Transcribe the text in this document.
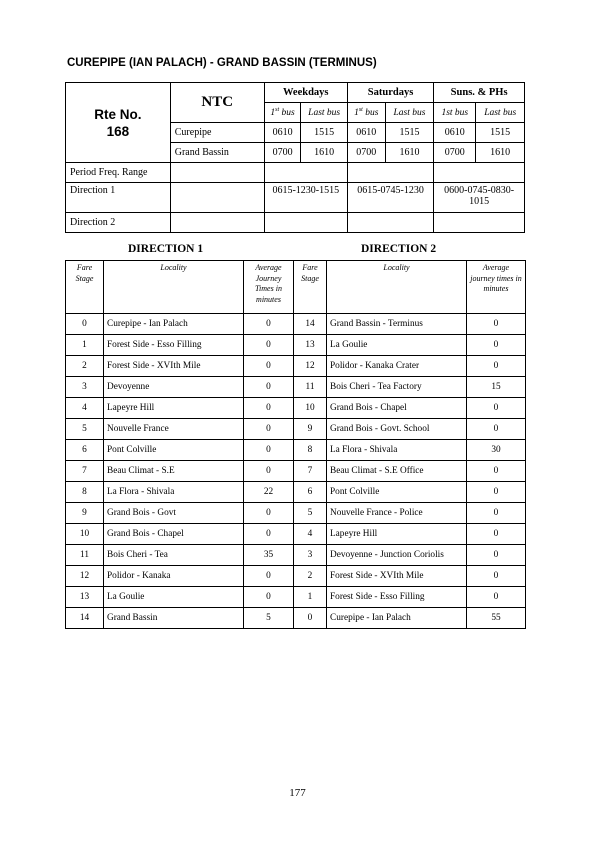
CUREPIPE (IAN PALACH) - GRAND BASSIN (TERMINUS)
Rte No.
168	NTC	Weekdays		Saturdays		Suns. & PHs	
		1st bus	Last bus	1st bus	Last bus	1st bus	Last bus
	Curepipe	0610	1515	0610	1515	0610	1515
	Grand Bassin	0700	1610	0700	1610	0700	1610
Period Freq. Range							
Direction 1		0615-1230-1515		0615-0745-1230		0600-0745-0830-1015	
Direction 2							
DIRECTION 1	DIRECTION 2
Fare Stage	Locality	Average Journey Times in minutes	Fare Stage	Locality	Average journey times in minutes
0	Curepipe - Ian Palach	0	14	Grand Bassin - Terminus	0
1	Forest Side - Esso Filling	0	13	La Goulie	0
2	Forest Side - XVIth Mile	0	12	Polidor - Kanaka Crater	0
3	Devoyenne	0	11	Bois Cheri - Tea Factory	15
4	Lapeyre Hill	0	10	Grand Bois - Chapel	0
5	Nouvelle France	0	9	Grand Bois - Govt. School	0
6	Pont Colville	0	8	La Flora - Shivala	30
7	Beau Climat - S.E	0	7	Beau Climat - S.E Office	0
8	La Flora - Shivala	22	6	Pont Colville	0
9	Grand Bois - Govt	0	5	Nouvelle France - Police	0
10	Grand Bois - Chapel	0	4	Lapeyre Hill	0
11	Bois Cheri - Tea	35	3	Devoyenne - Junction Coriolis	0
12	Polidor - Kanaka	0	2	Forest Side - XVIth Mile	0
13	La Goulie	0	1	Forest Side - Esso Filling	0
14	Grand Bassin	5	0	Curepipe - Ian Palach	55
177
